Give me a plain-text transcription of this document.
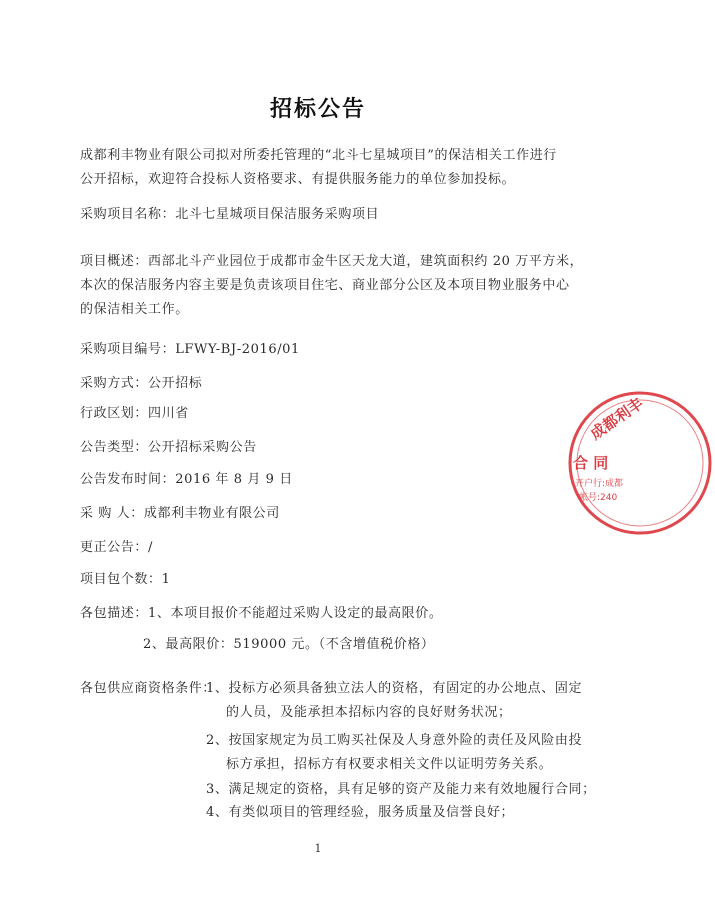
招标公告
成都利丰物业有限公司拟对所委托管理的“北斗七星城项目”的保洁相关工作进行
公开招标，欢迎符合投标人资格要求、有提供服务能力的单位参加投标。
采购项目名称：北斗七星城项目保洁服务采购项目
项目概述：西部北斗产业园位于成都市金牛区天龙大道，建筑面积约 20 万平方米，
本次的保洁服务内容主要是负责该项目住宅、商业部分公区及本项目物业服务中心
的保洁相关工作。
采购项目编号：LFWY-BJ-2016/01
采购方式：公开招标
行政区划：四川省
公告类型：公开招标采购公告
公告发布时间：2016 年 8 月 9 日
采 购 人：成都利丰物业有限公司
更正公告：/
项目包个数：1
各包描述：1、本项目报价不能超过采购人设定的最高限价。
2、最高限价：519000 元。（不含增值税价格）
各包供应商资格条件：
1、投标方必须具备独立法人的资格，有固定的办公地点、固定
的人员，及能承担本招标内容的良好财务状况；
2、按国家规定为员工购买社保及人身意外险的责任及风险由投
标方承担，招标方有权要求相关文件以证明劳务关系。
3、满足规定的资格，具有足够的资产及能力来有效地履行合同；
4、有类似项目的管理经验，服务质量及信誉良好；
1
成都利丰
合 同
开户行:成都
帐号:240
